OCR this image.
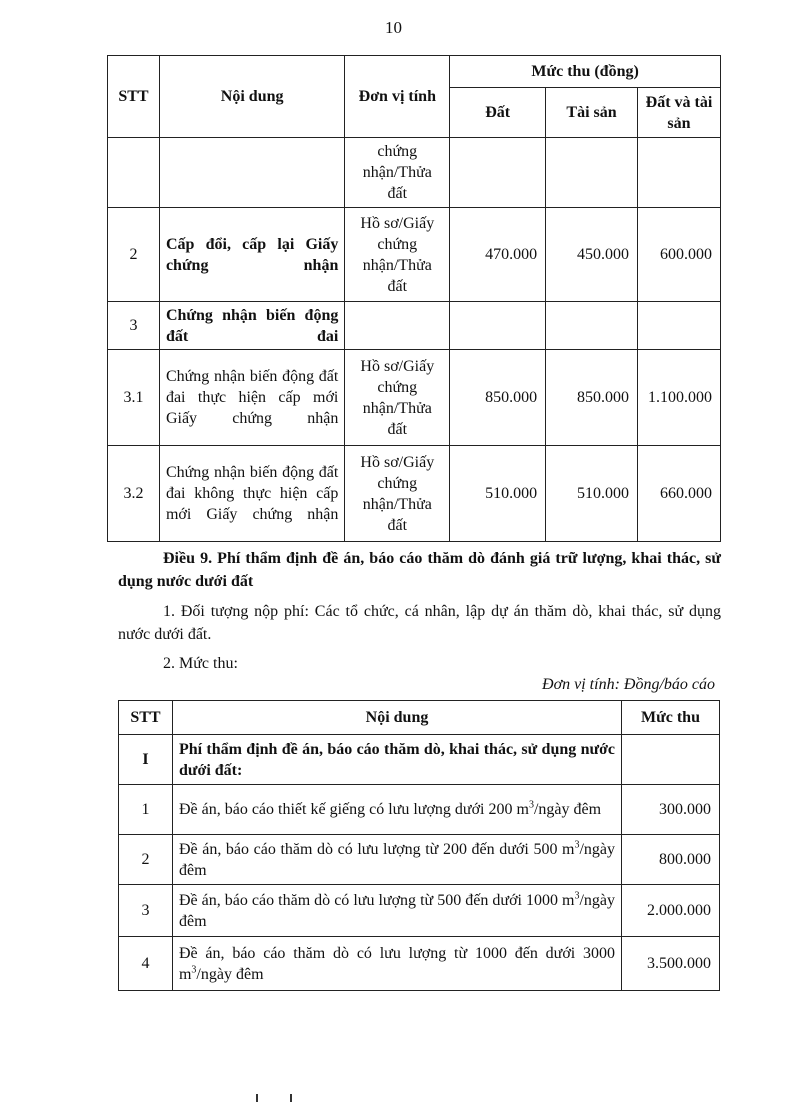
10
STT	Nội dung	Đơn vị tính	Mức thu (đồng)		
			Đất	Tài sản	Đất và tài sản
		chứng nhận/Thửa đất			
2	Cấp đổi, cấp lại Giấy chứng nhận	Hồ sơ/Giấy chứng nhận/Thửa đất	470.000	450.000	600.000
3	Chứng nhận biến động đất đai				
3.1	Chứng nhận biến động đất đai thực hiện cấp mới Giấy chứng nhận	Hồ sơ/Giấy chứng nhận/Thửa đất	850.000	850.000	1.100.000
3.2	Chứng nhận biến động đất đai không thực hiện cấp mới Giấy chứng nhận	Hồ sơ/Giấy chứng nhận/Thửa đất	510.000	510.000	660.000
Điều 9. Phí thẩm định đề án, báo cáo thăm dò đánh giá trữ lượng, khai thác, sử dụng nước dưới đất
1. Đối tượng nộp phí: Các tổ chức, cá nhân, lập dự án thăm dò, khai thác, sử dụng nước dưới đất.
2. Mức thu:
Đơn vị tính: Đồng/báo cáo
STT	Nội dung	Mức thu
I	Phí thẩm định đề án, báo cáo thăm dò, khai thác, sử dụng nước dưới đất:	
1	Đề án, báo cáo thiết kế giếng có lưu lượng dưới 200 $m^3$/ngày đêm	300.000
2	Đề án, báo cáo thăm dò có lưu lượng từ 200 đến dưới 500 $m^3$/ngày đêm	800.000
3	Đề án, báo cáo thăm dò có lưu lượng từ 500 đến dưới 1000 $m^3$/ngày đêm	2.000.000
4	Đề án, báo cáo thăm dò có lưu lượng từ 1000 đến dưới 3000 $m^3$/ngày đêm	3.500.000
